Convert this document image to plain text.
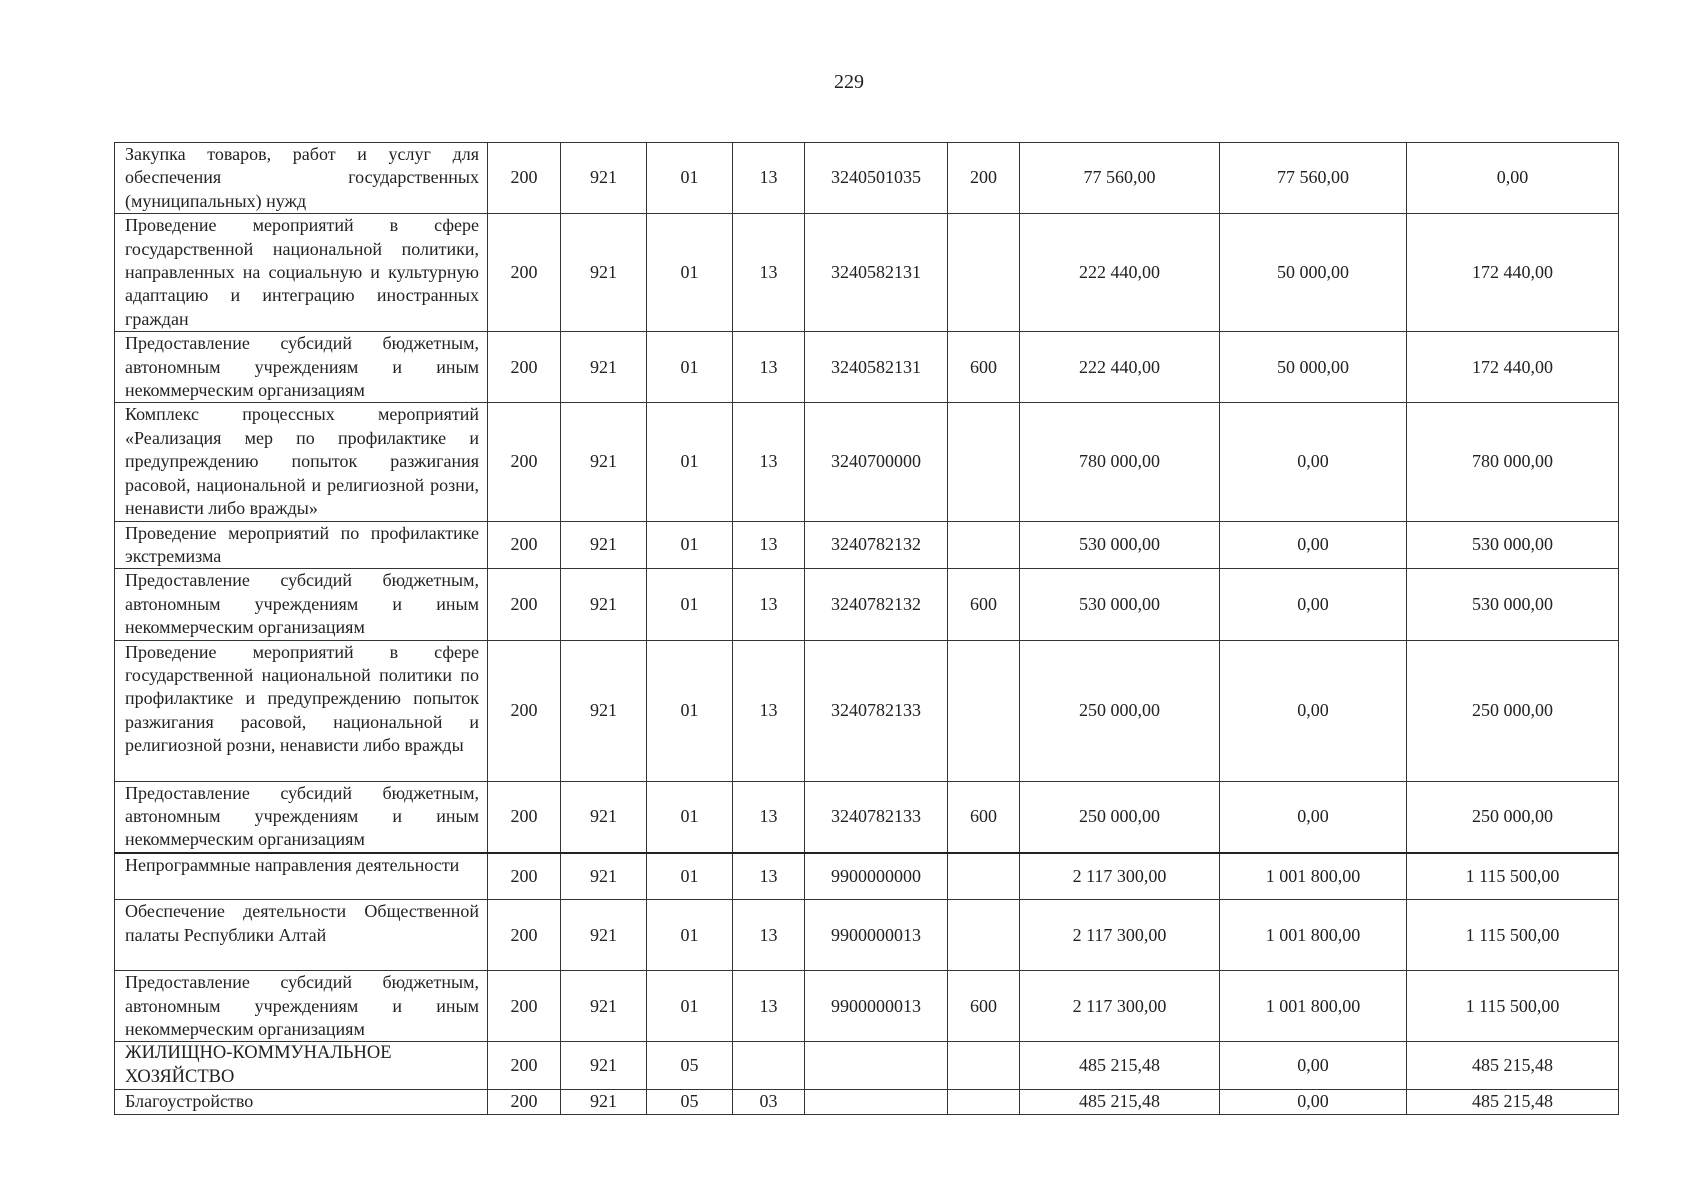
229
Закупка товаров, работ и услуг для обеспечения государственных (муниципальных) нужд	200	921	01	13	3240501035	200	77 560,00	77 560,00	0,00
Проведение мероприятий в сфере государственной национальной политики, направленных на социальную и культурную адаптацию и интеграцию иностранных граждан	200	921	01	13	3240582131		222 440,00	50 000,00	172 440,00
Предоставление субсидий бюджетным, автономным учреждениям и иным некоммерческим организациям	200	921	01	13	3240582131	600	222 440,00	50 000,00	172 440,00
Комплекс процессных мероприятий «Реализация мер по профилактике и предупреждению попыток разжигания расовой, национальной и религиозной розни, ненависти либо вражды»	200	921	01	13	3240700000		780 000,00	0,00	780 000,00
Проведение мероприятий по профилактике экстремизма	200	921	01	13	3240782132		530 000,00	0,00	530 000,00
Предоставление субсидий бюджетным, автономным учреждениям и иным некоммерческим организациям	200	921	01	13	3240782132	600	530 000,00	0,00	530 000,00
Проведение мероприятий в сфере государственной национальной политики по профилактике и предупреждению попыток разжигания расовой, национальной и религиозной розни, ненависти либо вражды	200	921	01	13	3240782133		250 000,00	0,00	250 000,00
Предоставление субсидий бюджетным, автономным учреждениям и иным некоммерческим организациям	200	921	01	13	3240782133	600	250 000,00	0,00	250 000,00
Непрограммные направления деятельности	200	921	01	13	9900000000		2 117 300,00	1 001 800,00	1 115 500,00
Обеспечение деятельности Общественной палаты Республики Алтай	200	921	01	13	9900000013		2 117 300,00	1 001 800,00	1 115 500,00
Предоставление субсидий бюджетным, автономным учреждениям и иным некоммерческим организациям	200	921	01	13	9900000013	600	2 117 300,00	1 001 800,00	1 115 500,00
ЖИЛИЩНО-КОММУНАЛЬНОЕ ХОЗЯЙСТВО	200	921	05				485 215,48	0,00	485 215,48
Благоустройство	200	921	05	03			485 215,48	0,00	485 215,48
